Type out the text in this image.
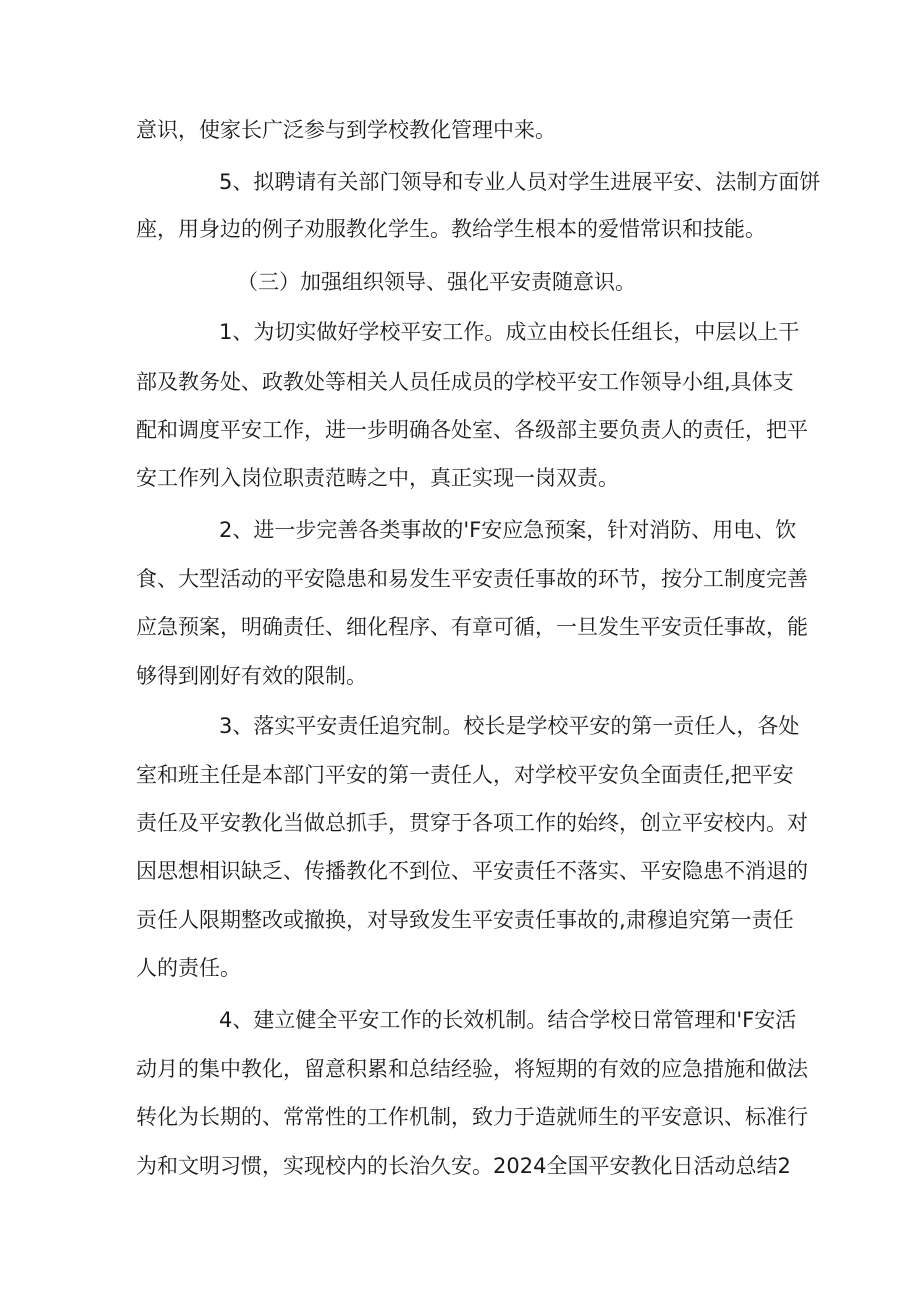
意识，使家长广泛参与到学校教化管理中来。

5、拟聘请有关部门领导和专业人员对学生进展平安、法制方面饼

座，用身边的例子劝服教化学生。教给学生根本的爱惜常识和技能。

（三）加强组织领导、强化平安责随意识。

1、为切实做好学校平安工作。成立由校长任组长，中层以上干

部及教务处、政教处等相关人员任成员的学校平安工作领导小组,具体支

配和调度平安工作，进一步明确各处室、各级部主要负责人的责任，把平

安工作列入岗位职责范畴之中，真正实现一岗双责。

2、进一步完善各类事故的'F安应急预案，针对消防、用电、饮

食、大型活动的平安隐患和易发生平安责任事故的环节，按分工制度完善

应急预案，明确责任、细化程序、有章可循，一旦发生平安贡任事故，能

够得到刚好有效的限制。

3、落实平安责任追究制。校长是学校平安的第一贡任人，各处

室和班主任是本部门平安的第一责任人，对学校平安负全面责任,把平安

责任及平安教化当做总抓手，贯穿于各项工作的始终，创立平安校内。对

因思想相识缺乏、传播教化不到位、平安责任不落实、平安隐患不消退的

贡任人限期整改或撤换，对导致发生平安责任事故的,肃穆追究第一责任

人的责任。

4、建立健全平安工作的长效机制。结合学校日常管理和'F安活

动月的集中教化，留意积累和总结经验，将短期的有效的应急措施和做法

转化为长期的、常常性的工作机制，致力于造就师生的平安意识、标准行

为和文明习惯，实现校内的长治久安。2024全国平安教化日活动总结2
